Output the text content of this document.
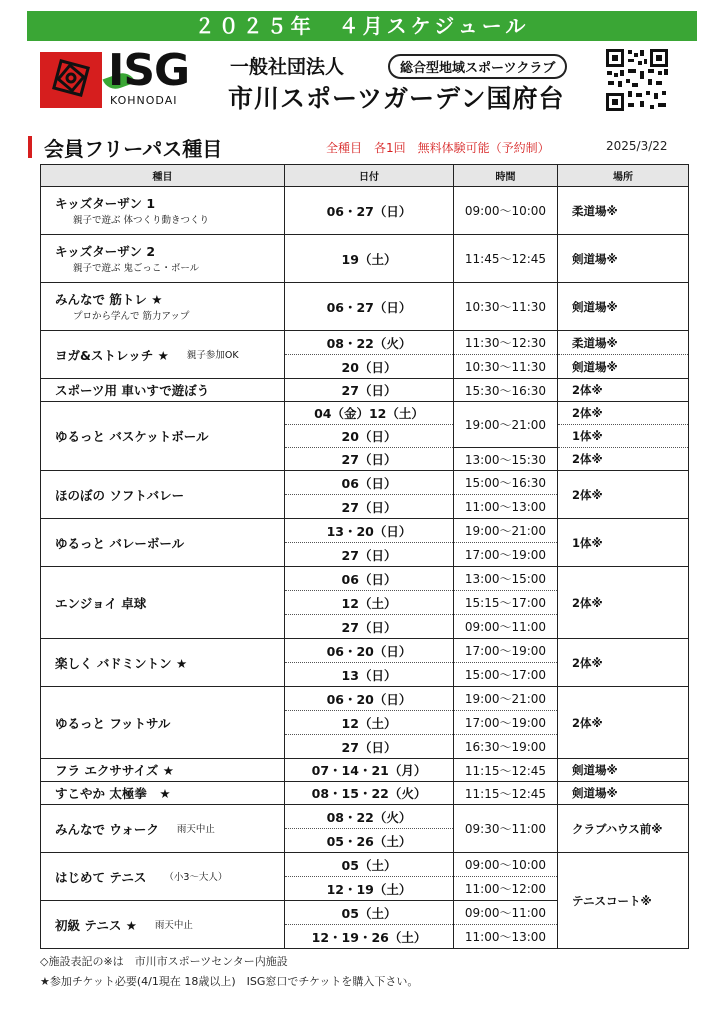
２０２５年　４月スケジュール
ISG
KOHNODAI
一般社団法人	総合型地域スポーツクラブ
市川スポーツガーデン国府台
会員フリーパス種目	全種目　各1回　無料体験可能（予約制）	2025/3/22
種目	日付	時間	場所
キッズターザン 1親子で遊ぶ 体つくり動きつくり	06・27（日）	09:00〜10:00	柔道場※
キッズターザン 2親子で遊ぶ 鬼ごっこ・ボール	19（土）	11:45〜12:45	剣道場※
みんなで 筋トレ ★プロから学んで 筋力アップ	06・27（日）	10:30〜11:30	剣道場※
ヨガ&ストレッチ ★ 親子参加OK	08・22（火）	11:30〜12:30	柔道場※
	20（日）	10:30〜11:30	剣道場※
スポーツ用 車いすで遊ぼう	27（日）	15:30〜16:30	2体※
ゆるっと バスケットボール	04（金）12（土）	19:00〜21:00	2体※
	20（日）		1体※
	27（日）	13:00〜15:30	2体※
ほのぼの ソフトバレー	06（日）	15:00〜16:30	2体※
	27（日）	11:00〜13:00	
ゆるっと バレーボール	13・20（日）	19:00〜21:00	1体※
	27（日）	17:00〜19:00	
エンジョイ 卓球	06（日）	13:00〜15:00	2体※
	12（土）	15:15〜17:00	
	27（日）	09:00〜11:00	
楽しく バドミントン ★	06・20（日）	17:00〜19:00	2体※
	13（日）	15:00〜17:00	
ゆるっと フットサル	06・20（日）	19:00〜21:00	2体※
	12（土）	17:00〜19:00	
	27（日）	16:30〜19:00	
フラ エクササイズ ★	07・14・21（月）	11:15〜12:45	剣道場※
すこやか 太極拳　★	08・15・22（火）	11:15〜12:45	剣道場※
みんなで ウォーク 雨天中止	08・22（火）	09:30〜11:00	クラブハウス前※
	05・26（土）		
はじめて テニス （小3〜大人）	05（土）	09:00〜10:00	テニスコート※
	12・19（土）	11:00〜12:00	
初級 テニス ★ 雨天中止	05（土）	09:00〜11:00	
	12・19・26（土）	11:00〜13:00	
◇施設表記の※は　市川市スポーツセンター内施設
★参加チケット必要(4/1現在 18歳以上)　ISG窓口でチケットを購入下さい。
